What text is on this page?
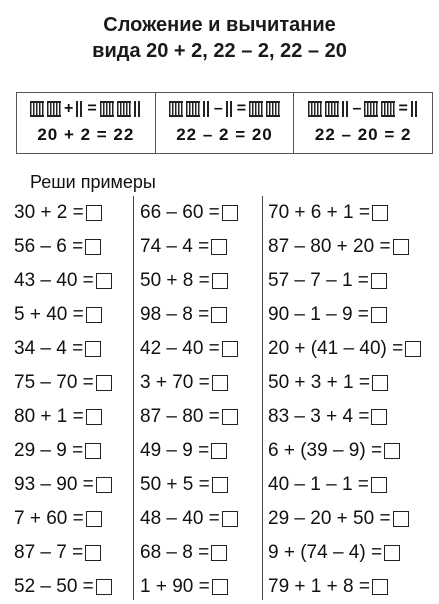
Сложение и вычитание
вида 20 + 2, 22 – 2, 22 – 20
+ =
20 + 2 = 22
– =
22 – 2 = 20
– =
22 – 20 = 2
Реши примеры
30 + 2 =
56 – 6 =
43 – 40 =
5 + 40 =
34 – 4 =
75 – 70 =
80 + 1 =
29 – 9 =
93 – 90 =
7 + 60 =
87 – 7 =
52 – 50 =
66 – 60 =
74 – 4 =
50 + 8 =
98 – 8 =
42 – 40 =
3 + 70 =
87 – 80 =
49 – 9 =
50 + 5 =
48 – 40 =
68 – 8 =
1 + 90 =
70 + 6 + 1 =
87 – 80 + 20 =
57 – 7 – 1 =
90 – 1 – 9 =
20 + (41 – 40) =
50 + 3 + 1 =
83 – 3 + 4 =
6 + (39 – 9) =
40 – 1 – 1 =
29 – 20 + 50 =
9 + (74 – 4) =
79 + 1 + 8 =
